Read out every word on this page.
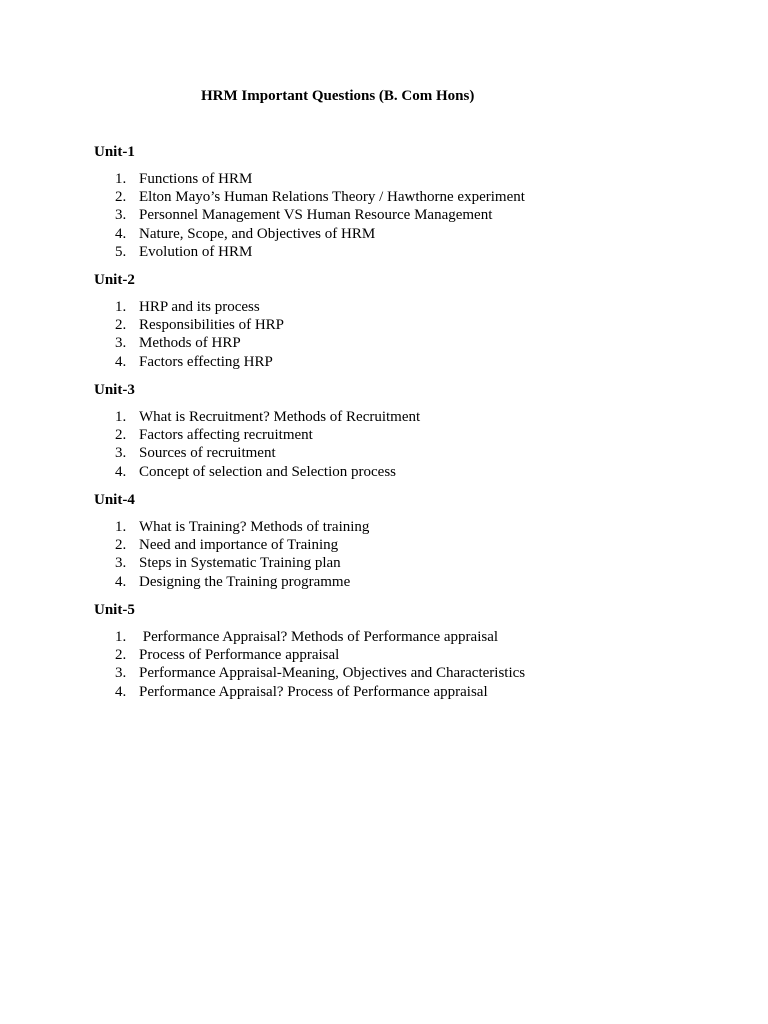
HRM Important Questions (B. Com Hons)
Unit-1
1. Functions of HRM
2. Elton Mayo’s Human Relations Theory / Hawthorne experiment
3. Personnel Management VS Human Resource Management
4. Nature, Scope, and Objectives of HRM
5. Evolution of HRM
Unit-2
1. HRP and its process
2. Responsibilities of HRP
3. Methods of HRP
4. Factors effecting HRP
Unit-3
1. What is Recruitment? Methods of Recruitment
2. Factors affecting recruitment
3. Sources of recruitment
4. Concept of selection and Selection process
Unit-4
1. What is Training? Methods of training
2. Need and importance of Training
3. Steps in Systematic Training plan
4. Designing the Training programme
Unit-5
1. Performance Appraisal? Methods of Performance appraisal
2. Process of Performance appraisal
3. Performance Appraisal-Meaning, Objectives and Characteristics
4. Performance Appraisal? Process of Performance appraisal
